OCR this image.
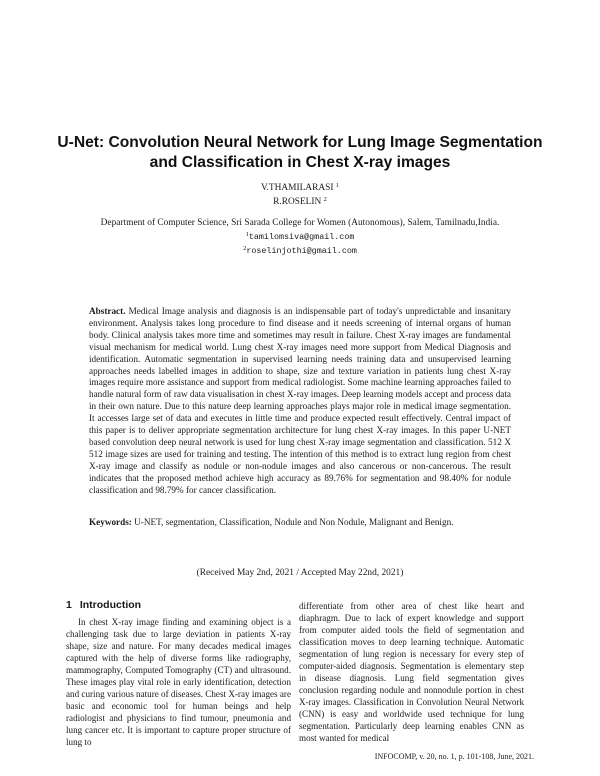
U-Net: Convolution Neural Network for Lung Image Segmentation
and Classification in Chest X-ray images
V.THAMILARASI $^1$
R.ROSELIN $^2$
Department of Computer Science, Sri Sarada College for Women (Autonomous), Salem, Tamilnadu,India.
$^1$tamilomsiva@gmail.com
$^2$roselinjothi@gmail.com
Abstract. Medical Image analysis and diagnosis is an indispensable part of today's unpredictable and insanitary environment. Analysis takes long procedure to find disease and it needs screening of internal organs of human body. Clinical analysis takes more time and sometimes may result in failure. Chest X-ray images are fundamental visual mechanism for medical world. Lung chest X-ray images need more support from Medical Diagnosis and identification. Automatic segmentation in supervised learning needs training data and unsupervised learning approaches needs labelled images in addition to shape, size and texture variation in patients lung chest X-ray images require more assistance and support from medical radiologist. Some machine learning approaches failed to handle natural form of raw data visualisation in chest X-ray images. Deep learning models accept and process data in their own nature. Due to this nature deep learning approaches plays major role in medical image segmentation. It accesses large set of data and executes in little time and produce expected result effectively. Central impact of this paper is to deliver appropriate segmentation architecture for lung chest X-ray images. In this paper U-NET based convolution deep neural network is used for lung chest X-ray image segmentation and classification. 512 X 512 image sizes are used for training and testing. The intention of this method is to extract lung region from chest X-ray image and classify as nodule or non-nodule images and also cancerous or non-cancerous. The result indicates that the proposed method achieve high accuracy as 89.76% for segmentation and 98.40% for nodule classification and 98.79% for cancer classification.
Keywords: U-NET, segmentation, Classification, Nodule and Non Nodule, Malignant and Benign.
(Received May 2nd, 2021 / Accepted May 22nd, 2021)
1 Introduction
In chest X-ray image finding and examining object is a challenging task due to large deviation in patients X-ray shape, size and nature. For many decades medical images captured with the help of diverse forms like radiography, mammography, Computed Tomography (CT) and ultrasound. These images play vital role in early identification, detection and curing various nature of diseases. Chest X-ray images are basic and economic tool for human beings and help radiologist and physicians to find tumour, pneumonia and lung cancer etc. It is important to capture proper structure of lung to
differentiate from other area of chest like heart and diaphragm. Due to lack of expert knowledge and support from computer aided tools the field of segmentation and classification moves to deep learning technique. Automatic segmentation of lung region is necessary for every step of computer-aided diagnosis. Segmentation is elementary step in disease diagnosis. Lung field segmentation gives conclusion regarding nodule and nonnodule portion in chest X-ray images. Classification in Convolution Neural Network (CNN) is easy and worldwide used technique for lung segmentation. Particularly deep learning enables CNN as most wanted for medical
INFOCOMP, v. 20, no. 1, p. 101-108, June, 2021.
